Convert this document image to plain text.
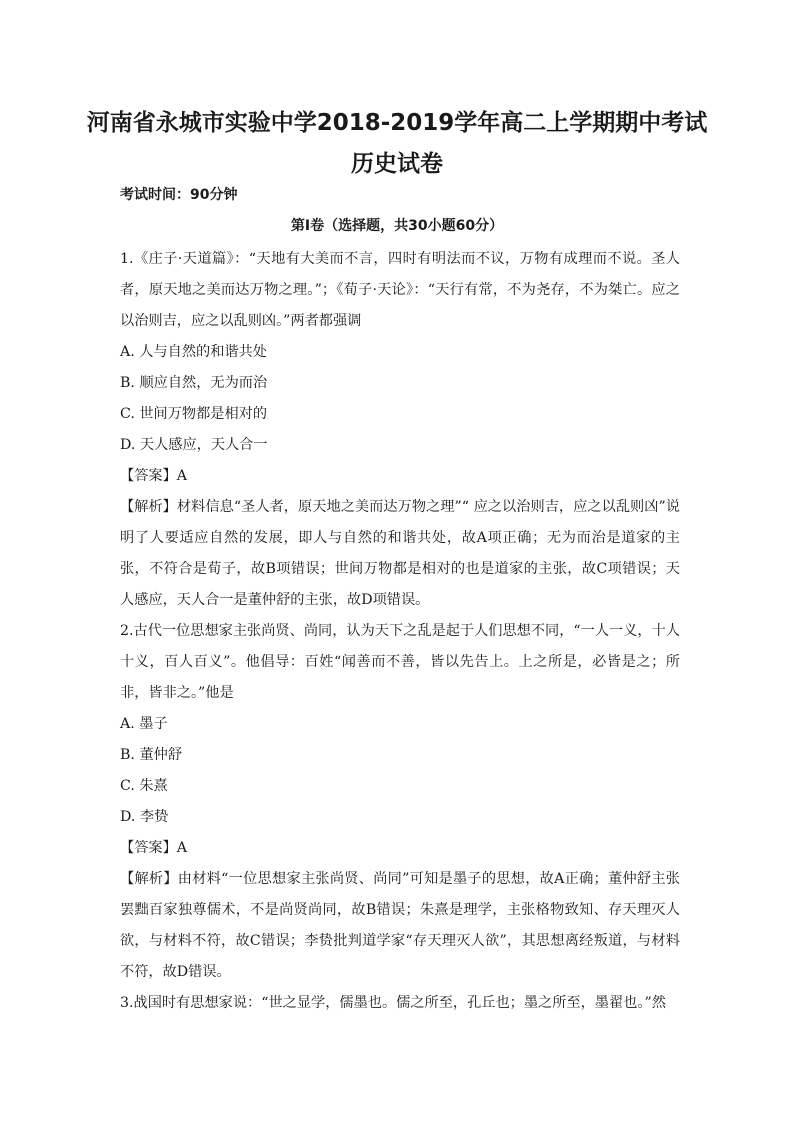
河南省永城市实验中学2018-2019学年高二上学期期中考试
历史试卷
考试时间：90分钟
第Ⅰ卷（选择题，共30小题60分）

1.《庄子·天道篇》：“天地有大美而不言，四时有明法而不议，万物有成理而不说。圣人者，原天地之美而达万物之理。”；《荀子·天论》：“天行有常，不为尧存，不为桀亡。应之以治则吉，应之以乱则凶。”两者都强调

A. 人与自然的和谐共处

B. 顺应自然，无为而治

C. 世间万物都是相对的

D. 天人感应，天人合一

【答案】A

【解析】材料信息“圣人者，原天地之美而达万物之理”“ 应之以治则吉，应之以乱则凶”说明了人要适应自然的发展，即人与自然的和谐共处，故A项正确；无为而治是道家的主张，不符合是荀子，故B项错误；世间万物都是相对的也是道家的主张，故C项错误；天人感应，天人合一是董仲舒的主张，故D项错误。

2.古代一位思想家主张尚贤、尚同，认为天下之乱是起于人们思想不同，“一人一义，十人十义，百人百义”。他倡导：百姓“闻善而不善，皆以先告上。上之所是，必皆是之；所非，皆非之。”他是

A. 墨子

B. 董仲舒

C. 朱熹

D. 李贽

【答案】A

【解析】由材料“一位思想家主张尚贤、尚同”可知是墨子的思想，故A正确；董仲舒主张罢黜百家独尊儒术，不是尚贤尚同，故B错误；朱熹是理学，主张格物致知、存天理灭人欲，与材料不符，故C错误；李贽批判道学家“存天理灭人欲”，其思想离经叛道，与材料不符，故D错误。

3.战国时有思想家说：“世之显学，儒墨也。儒之所至，孔丘也；墨之所至，墨翟也。”然
